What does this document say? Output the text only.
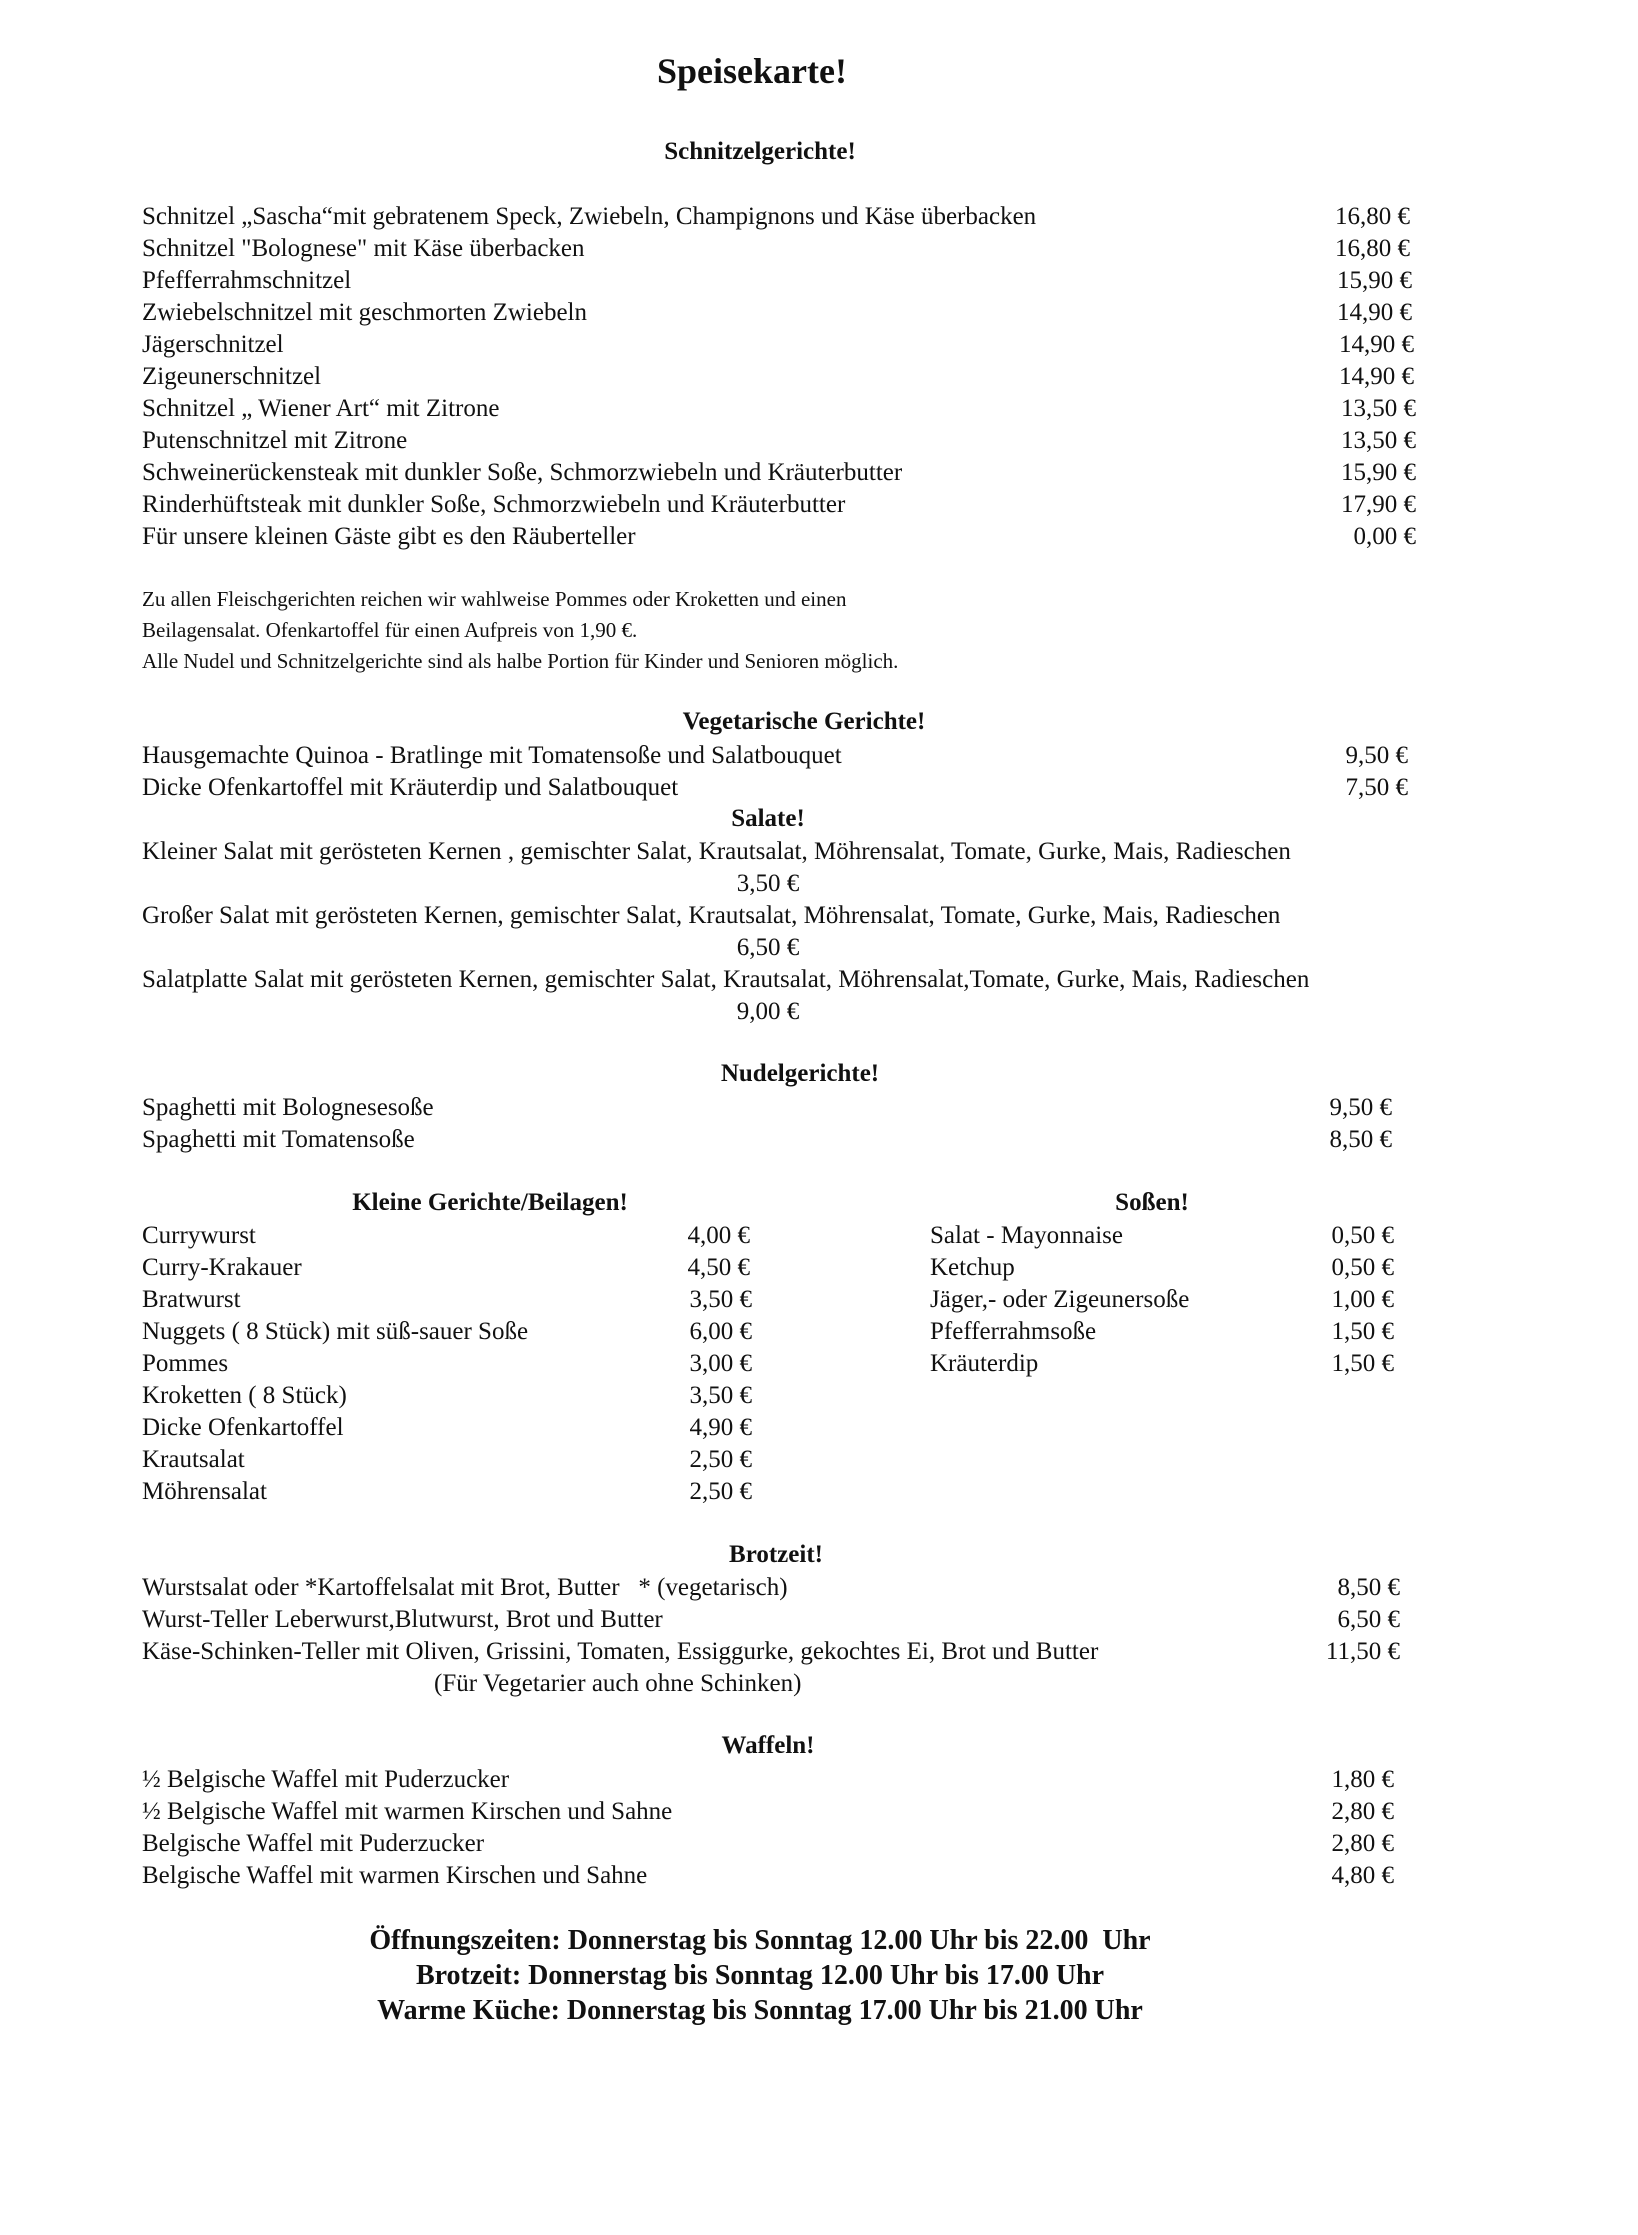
Speisekarte!
Schnitzelgerichte!
Schnitzel „Sascha“mit gebratenem Speck, Zwiebeln, Champignons und Käse überbacken	16,80 €
Schnitzel "Bolognese" mit Käse überbacken	16,80 €
Pfefferrahmschnitzel	15,90 €
Zwiebelschnitzel mit geschmorten Zwiebeln	14,90 €
Jägerschnitzel	14,90 €
Zigeunerschnitzel	14,90 €
Schnitzel „ Wiener Art“ mit Zitrone	13,50 €
Putenschnitzel mit Zitrone	13,50 €
Schweinerückensteak mit dunkler Soße, Schmorzwiebeln und Kräuterbutter	15,90 €
Rinderhüftsteak mit dunkler Soße, Schmorzwiebeln und Kräuterbutter	17,90 €
Für unsere kleinen Gäste gibt es den Räuberteller	0,00 €
Zu allen Fleischgerichten reichen wir wahlweise Pommes oder Kroketten und einen
Beilagensalat. Ofenkartoffel für einen Aufpreis von 1,90 €.
Alle Nudel und Schnitzelgerichte sind als halbe Portion für Kinder und Senioren möglich.
Vegetarische Gerichte!
Hausgemachte Quinoa - Bratlinge mit Tomatensoße und Salatbouquet	9,50 €
Dicke Ofenkartoffel mit Kräuterdip und Salatbouquet	7,50 €
Salate!
Kleiner Salat mit gerösteten Kernen , gemischter Salat, Krautsalat, Möhrensalat, Tomate, Gurke, Mais, Radieschen
3,50 €
Großer Salat mit gerösteten Kernen, gemischter Salat, Krautsalat, Möhrensalat, Tomate, Gurke, Mais, Radieschen
6,50 €
Salatplatte Salat mit gerösteten Kernen, gemischter Salat, Krautsalat, Möhrensalat,Tomate, Gurke, Mais, Radieschen
9,00 €
Nudelgerichte!
Spaghetti mit Bolognesesoße	9,50 €
Spaghetti mit Tomatensoße	8,50 €
Kleine Gerichte/Beilagen!
Currywurst	4,00 €
Curry-Krakauer	4,50 €
Bratwurst	3,50 €
Nuggets ( 8 Stück) mit süß-sauer Soße	6,00 €
Pommes	3,00 €
Kroketten ( 8 Stück)	3,50 €
Dicke Ofenkartoffel	4,90 €
Krautsalat	2,50 €
Möhrensalat	2,50 €
Soßen!
Salat - Mayonnaise	0,50 €
Ketchup	0,50 €
Jäger,- oder Zigeunersoße	1,00 €
Pfefferrahmsoße	1,50 €
Kräuterdip	1,50 €
Brotzeit!
Wurstsalat oder *Kartoffelsalat mit Brot, Butter   * (vegetarisch)	8,50 €
Wurst-Teller Leberwurst,Blutwurst, Brot und Butter	6,50 €
Käse-Schinken-Teller mit Oliven, Grissini, Tomaten, Essiggurke, gekochtes Ei, Brot und Butter	11,50 €
(Für Vegetarier auch ohne Schinken)
Waffeln!
½ Belgische Waffel mit Puderzucker	1,80 €
½ Belgische Waffel mit warmen Kirschen und Sahne	2,80 €
Belgische Waffel mit Puderzucker	2,80 €
Belgische Waffel mit warmen Kirschen und Sahne	4,80 €
Öffnungszeiten: Donnerstag bis Sonntag 12.00 Uhr bis 22.00  Uhr
Brotzeit: Donnerstag bis Sonntag 12.00 Uhr bis 17.00 Uhr
Warme Küche: Donnerstag bis Sonntag 17.00 Uhr bis 21.00 Uhr
